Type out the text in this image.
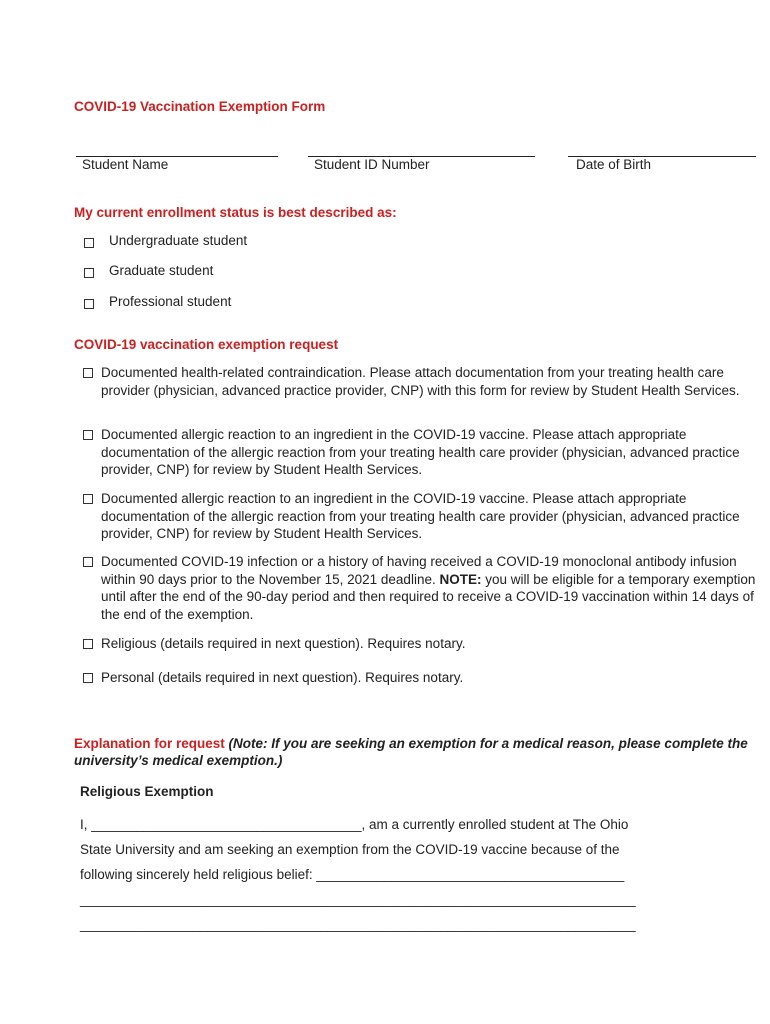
COVID-19 Vaccination Exemption Form
Student Name	Student ID Number	Date of Birth
My current enrollment status is best described as:
Undergraduate student
Graduate student
Professional student
COVID-19 vaccination exemption request
Documented health-related contraindication. Please attach documentation from your treating health care provider (physician, advanced practice provider, CNP) with this form for review by Student Health Services.
Documented allergic reaction to an ingredient in the COVID-19 vaccine. Please attach appropriate documentation of the allergic reaction from your treating health care provider (physician, advanced practice provider, CNP) for review by Student Health Services.
Documented allergic reaction to an ingredient in the COVID-19 vaccine. Please attach appropriate documentation of the allergic reaction from your treating health care provider (physician, advanced practice provider, CNP) for review by Student Health Services.
Documented COVID-19 infection or a history of having received a COVID-19 monoclonal antibody infusion within 90 days prior to the November 15, 2021 deadline. NOTE: you will be eligible for a temporary exemption until after the end of the 90-day period and then required to receive a COVID-19 vaccination within 14 days of the end of the exemption.
Religious (details required in next question). Requires notary.
Personal (details required in next question). Requires notary.
Explanation for request (Note: If you are seeking an exemption for a medical reason, please complete the university’s medical exemption.)
Religious Exemption
I, ____________________________________, am a currently enrolled student at The Ohio
State University and am seeking an exemption from the COVID-19 vaccine because of the
following sincerely held religious belief: _________________________________________
__________________________________________________________________________
__________________________________________________________________________
